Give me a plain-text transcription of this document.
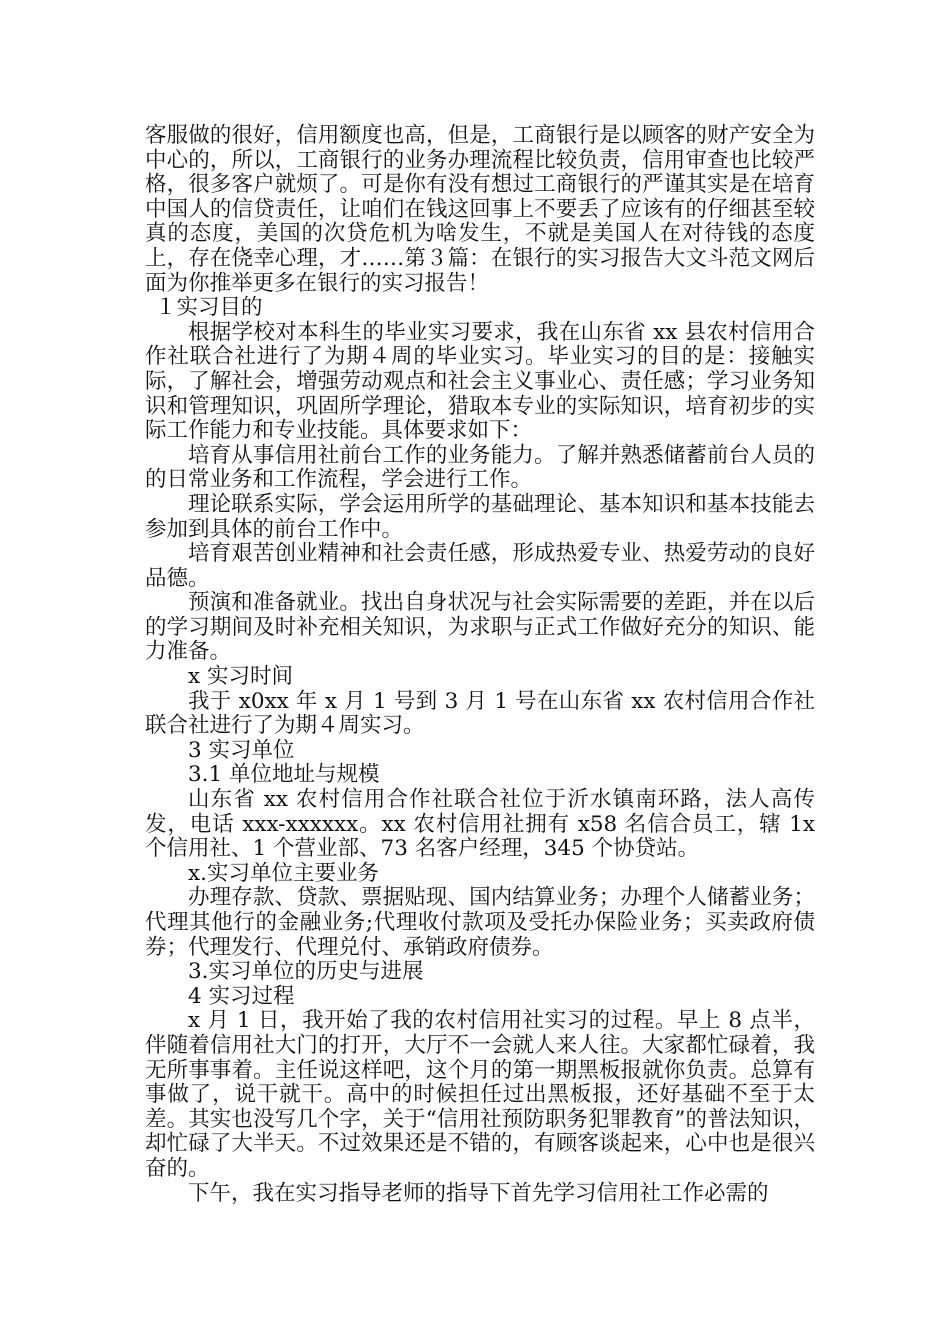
客服做的很好，信用额度也高，但是，工商银行是以顾客的财产安全为中心的，所以，工商银行的业务办理流程比较负责，信用审查也比较严格，很多客户就烦了。可是你有没有想过工商银行的严谨其实是在培育中国人的信贷责任，让咱们在钱这回事上不要丢了应该有的仔细甚至较真的态度，美国的次贷危机为啥发生，不就是美国人在对待钱的态度上，存在侥幸心理，才……第３篇：在银行的实习报告大文斗范文网后面为你推举更多在银行的实习报告！

１实习目的

根据学校对本科生的毕业实习要求，我在山东省 xx 县农村信用合作社联合社进行了为期４周的毕业实习。毕业实习的目的是：接触实际，了解社会，增强劳动观点和社会主义事业心、责任感；学习业务知识和管理知识，巩固所学理论，猎取本专业的实际知识，培育初步的实际工作能力和专业技能。具体要求如下：

培育从事信用社前台工作的业务能力。了解并熟悉储蓄前台人员的的日常业务和工作流程，学会进行工作。

理论联系实际，学会运用所学的基础理论、基本知识和基本技能去参加到具体的前台工作中。

培育艰苦创业精神和社会责任感，形成热爱专业、热爱劳动的良好品德。

预演和准备就业。找出自身状况与社会实际需要的差距，并在以后的学习期间及时补充相关知识，为求职与正式工作做好充分的知识、能力准备。

x 实习时间

我于 x0xx 年 x 月 1 号到 3 月 1 号在山东省 xx 农村信用合作社联合社进行了为期４周实习。

3 实习单位

3.1 单位地址与规模

山东省 xx 农村信用合作社联合社位于沂水镇南环路，法人高传发，电话 xxx-xxxxxx。xx 农村信用社拥有 x58 名信合员工，辖 1x 个信用社、1 个营业部、73 名客户经理，345 个协贷站。

x.实习单位主要业务

办理存款、贷款、票据贴现、国内结算业务；办理个人储蓄业务；代理其他行的金融业务;代理收付款项及受托办保险业务；买卖政府债券；代理发行、代理兑付、承销政府债券。

3.实习单位的历史与进展

4 实习过程

x 月 1 日，我开始了我的农村信用社实习的过程。早上 8 点半，伴随着信用社大门的打开，大厅不一会就人来人往。大家都忙碌着，我无所事事着。主任说这样吧，这个月的第一期黑板报就你负责。总算有事做了，说干就干。高中的时候担任过出黑板报，还好基础不至于太差。其实也没写几个字，关于“信用社预防职务犯罪教育”的普法知识，却忙碌了大半天。不过效果还是不错的，有顾客谈起来，心中也是很兴奋的。

下午，我在实习指导老师的指导下首先学习信用社工作必需的
